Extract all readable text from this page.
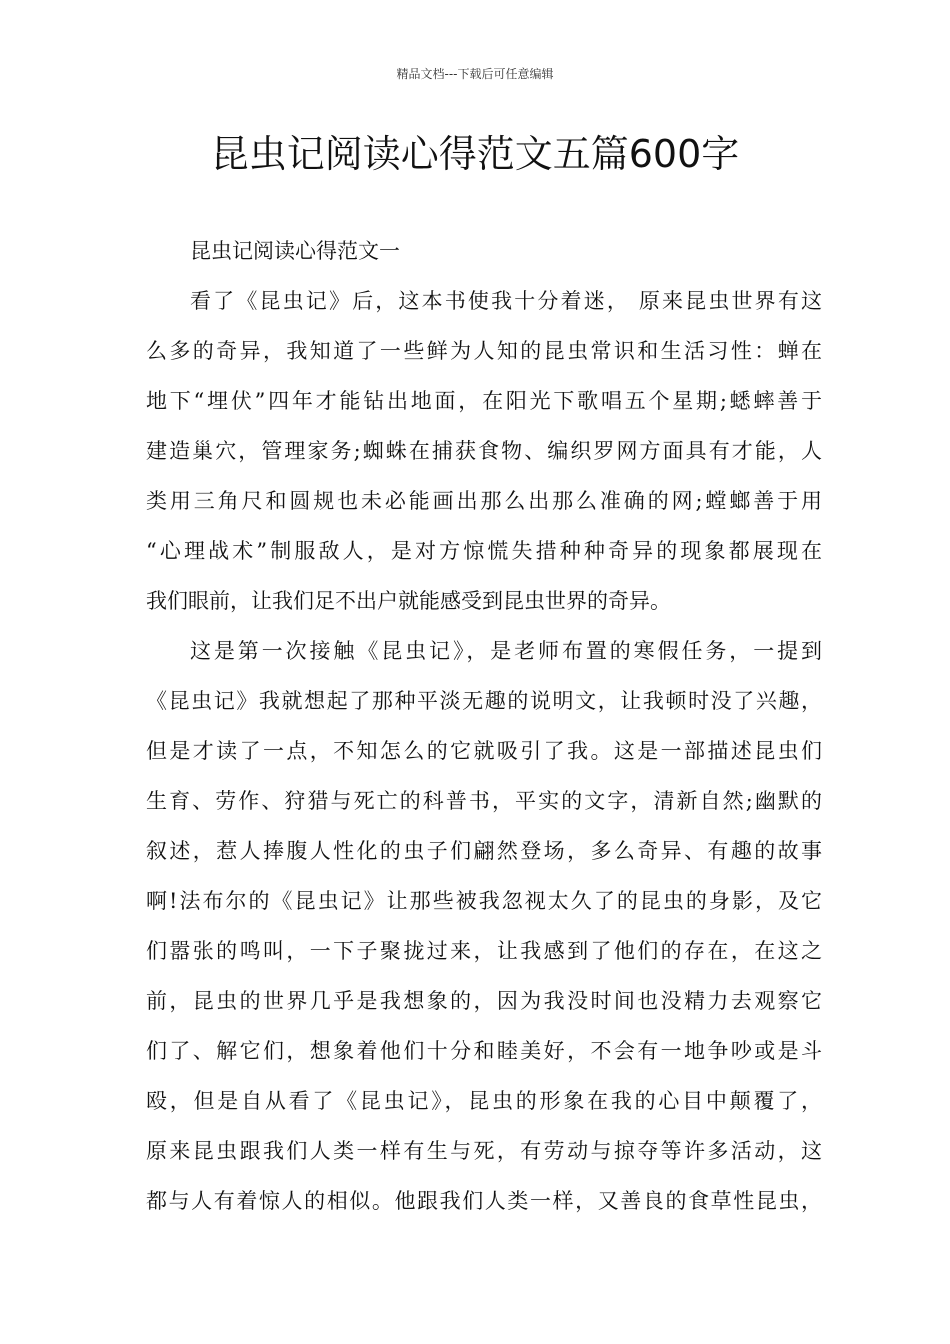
精品文档---下载后可任意编辑
昆虫记阅读心得范文五篇600字
昆虫记阅读心得范文一
看了《昆虫记》后，这本书使我十分着迷， 原来昆虫世界有这
么多的奇异，我知道了一些鲜为人知的昆虫常识和生活习性：蝉在
地下“埋伏”四年才能钻出地面，在阳光下歌唱五个星期;蟋蟀善于
建造巢穴，管理家务;蜘蛛在捕获食物、编织罗网方面具有才能，人
类用三角尺和圆规也未必能画出那么出那么准确的网;螳螂善于用
“心理战术”制服敌人，是对方惊慌失措种种奇异的现象都展现在
我们眼前，让我们足不出户就能感受到昆虫世界的奇异。
这是第一次接触《昆虫记》，是老师布置的寒假任务，一提到
《昆虫记》我就想起了那种平淡无趣的说明文，让我顿时没了兴趣，
但是才读了一点，不知怎么的它就吸引了我。这是一部描述昆虫们
生育、劳作、狩猎与死亡的科普书，平实的文字，清新自然;幽默的
叙述，惹人捧腹人性化的虫子们翩然登场，多么奇异、有趣的故事
啊!法布尔的《昆虫记》让那些被我忽视太久了的昆虫的身影，及它
们嚣张的鸣叫，一下子聚拢过来，让我感到了他们的存在，在这之
前，昆虫的世界几乎是我想象的，因为我没时间也没精力去观察它
们了、解它们，想象着他们十分和睦美好，不会有一地争吵或是斗
殴，但是自从看了《昆虫记》，昆虫的形象在我的心目中颠覆了，
原来昆虫跟我们人类一样有生与死，有劳动与掠夺等许多活动，这
都与人有着惊人的相似。他跟我们人类一样，又善良的食草性昆虫，
